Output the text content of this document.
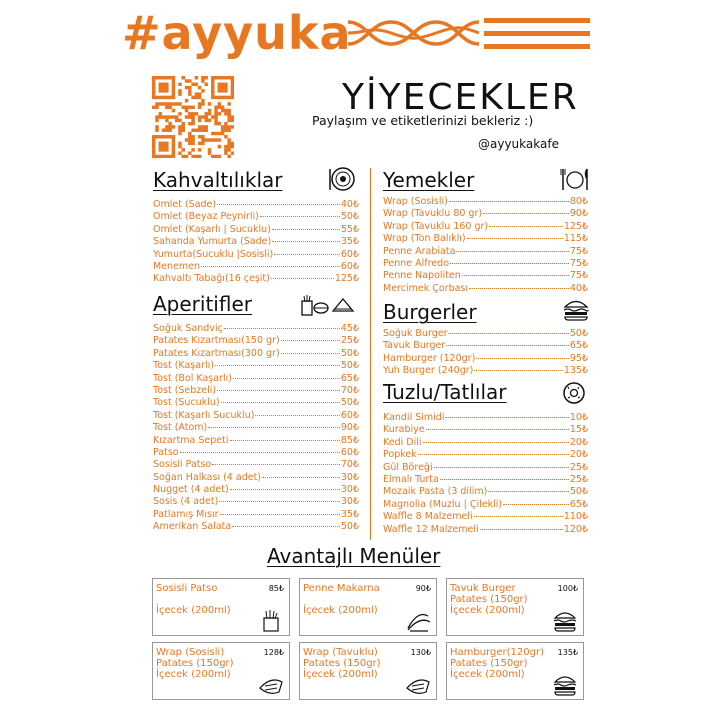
#ayyuka
YİYECEKLER
Paylaşım ve etiketlerinizi bekleriz :)
@ayyukakafe
Kahvaltılıklar
Omlet (Sade)	40₺
Omlet (Beyaz Peynirli)	50₺
Omlet (Kaşarlı | Sucuklu)	55₺
Sahanda Yumurta (Sade)	35₺
Yumurta(Sucuklu |Sosisli)	60₺
Menemen	60₺
Kahvaltı Tabağı(16 çeşit)	125₺
Aperitifler
Soğuk Sandviç	45₺
Patates Kızartması(150 gr)	25₺
Patates Kızartması(300 gr)	50₺
Tost (Kaşarlı)	50₺
Tost (Bol Kaşarlı)	65₺
Tost (Sebzeli)	70₺
Tost (Sucuklu)	50₺
Tost (Kaşarlı Sucuklu)	60₺
Tost (Atom)	90₺
Kızartma Sepeti	85₺
Patso	60₺
Sosisli Patso	70₺
Soğan Halkası (4 adet)	30₺
Nugget (4 adet)	30₺
Sosis (4 adet)	30₺
Patlamış Mısır	35₺
Amerikan Salata	50₺
Yemekler
Wrap (Sosisli)	80₺
Wrap (Tavuklu 80 gr)	90₺
Wrap (Tavuklu 160 gr)	125₺
Wrap (Ton Balıklı)	115₺
Penne Arabiata	75₺
Penne Alfredo	75₺
Penne Napoliten	75₺
Mercimek Çorbası	40₺
Burgerler
Soğuk Burger	50₺
Tavuk Burger	65₺
Hamburger (120gr)	95₺
Yuh Burger (240gr)	135₺
Tuzlu/Tatlılar
Kandil Simidi	10₺
Kurabiye	15₺
Kedi Dili	20₺
Popkek	20₺
Gül Böreği	25₺
Elmalı Turta	25₺
Mozaik Pasta (3 dilim)	50₺
Magnolia (Muzlu | Çilekli)	65₺
Waffle 8 Malzemeli	110₺
Waffle 12 Malzemeli	120₺
Avantajlı Menüler
Sosisli Patso
İçecek (200ml)
85₺ Penne Makarna
İçecek (200ml)
90₺ Tavuk Burger
Patates (150gr)
İçecek (200ml)
100₺
Wrap (Sosisli)
Patates (150gr)
İçecek (200ml)
128₺ Wrap (Tavuklu)
Patates (150gr)
İçecek (200ml)
130₺ Hamburger(120gr)
Patates (150gr)
İçecek (200ml)
135₺
